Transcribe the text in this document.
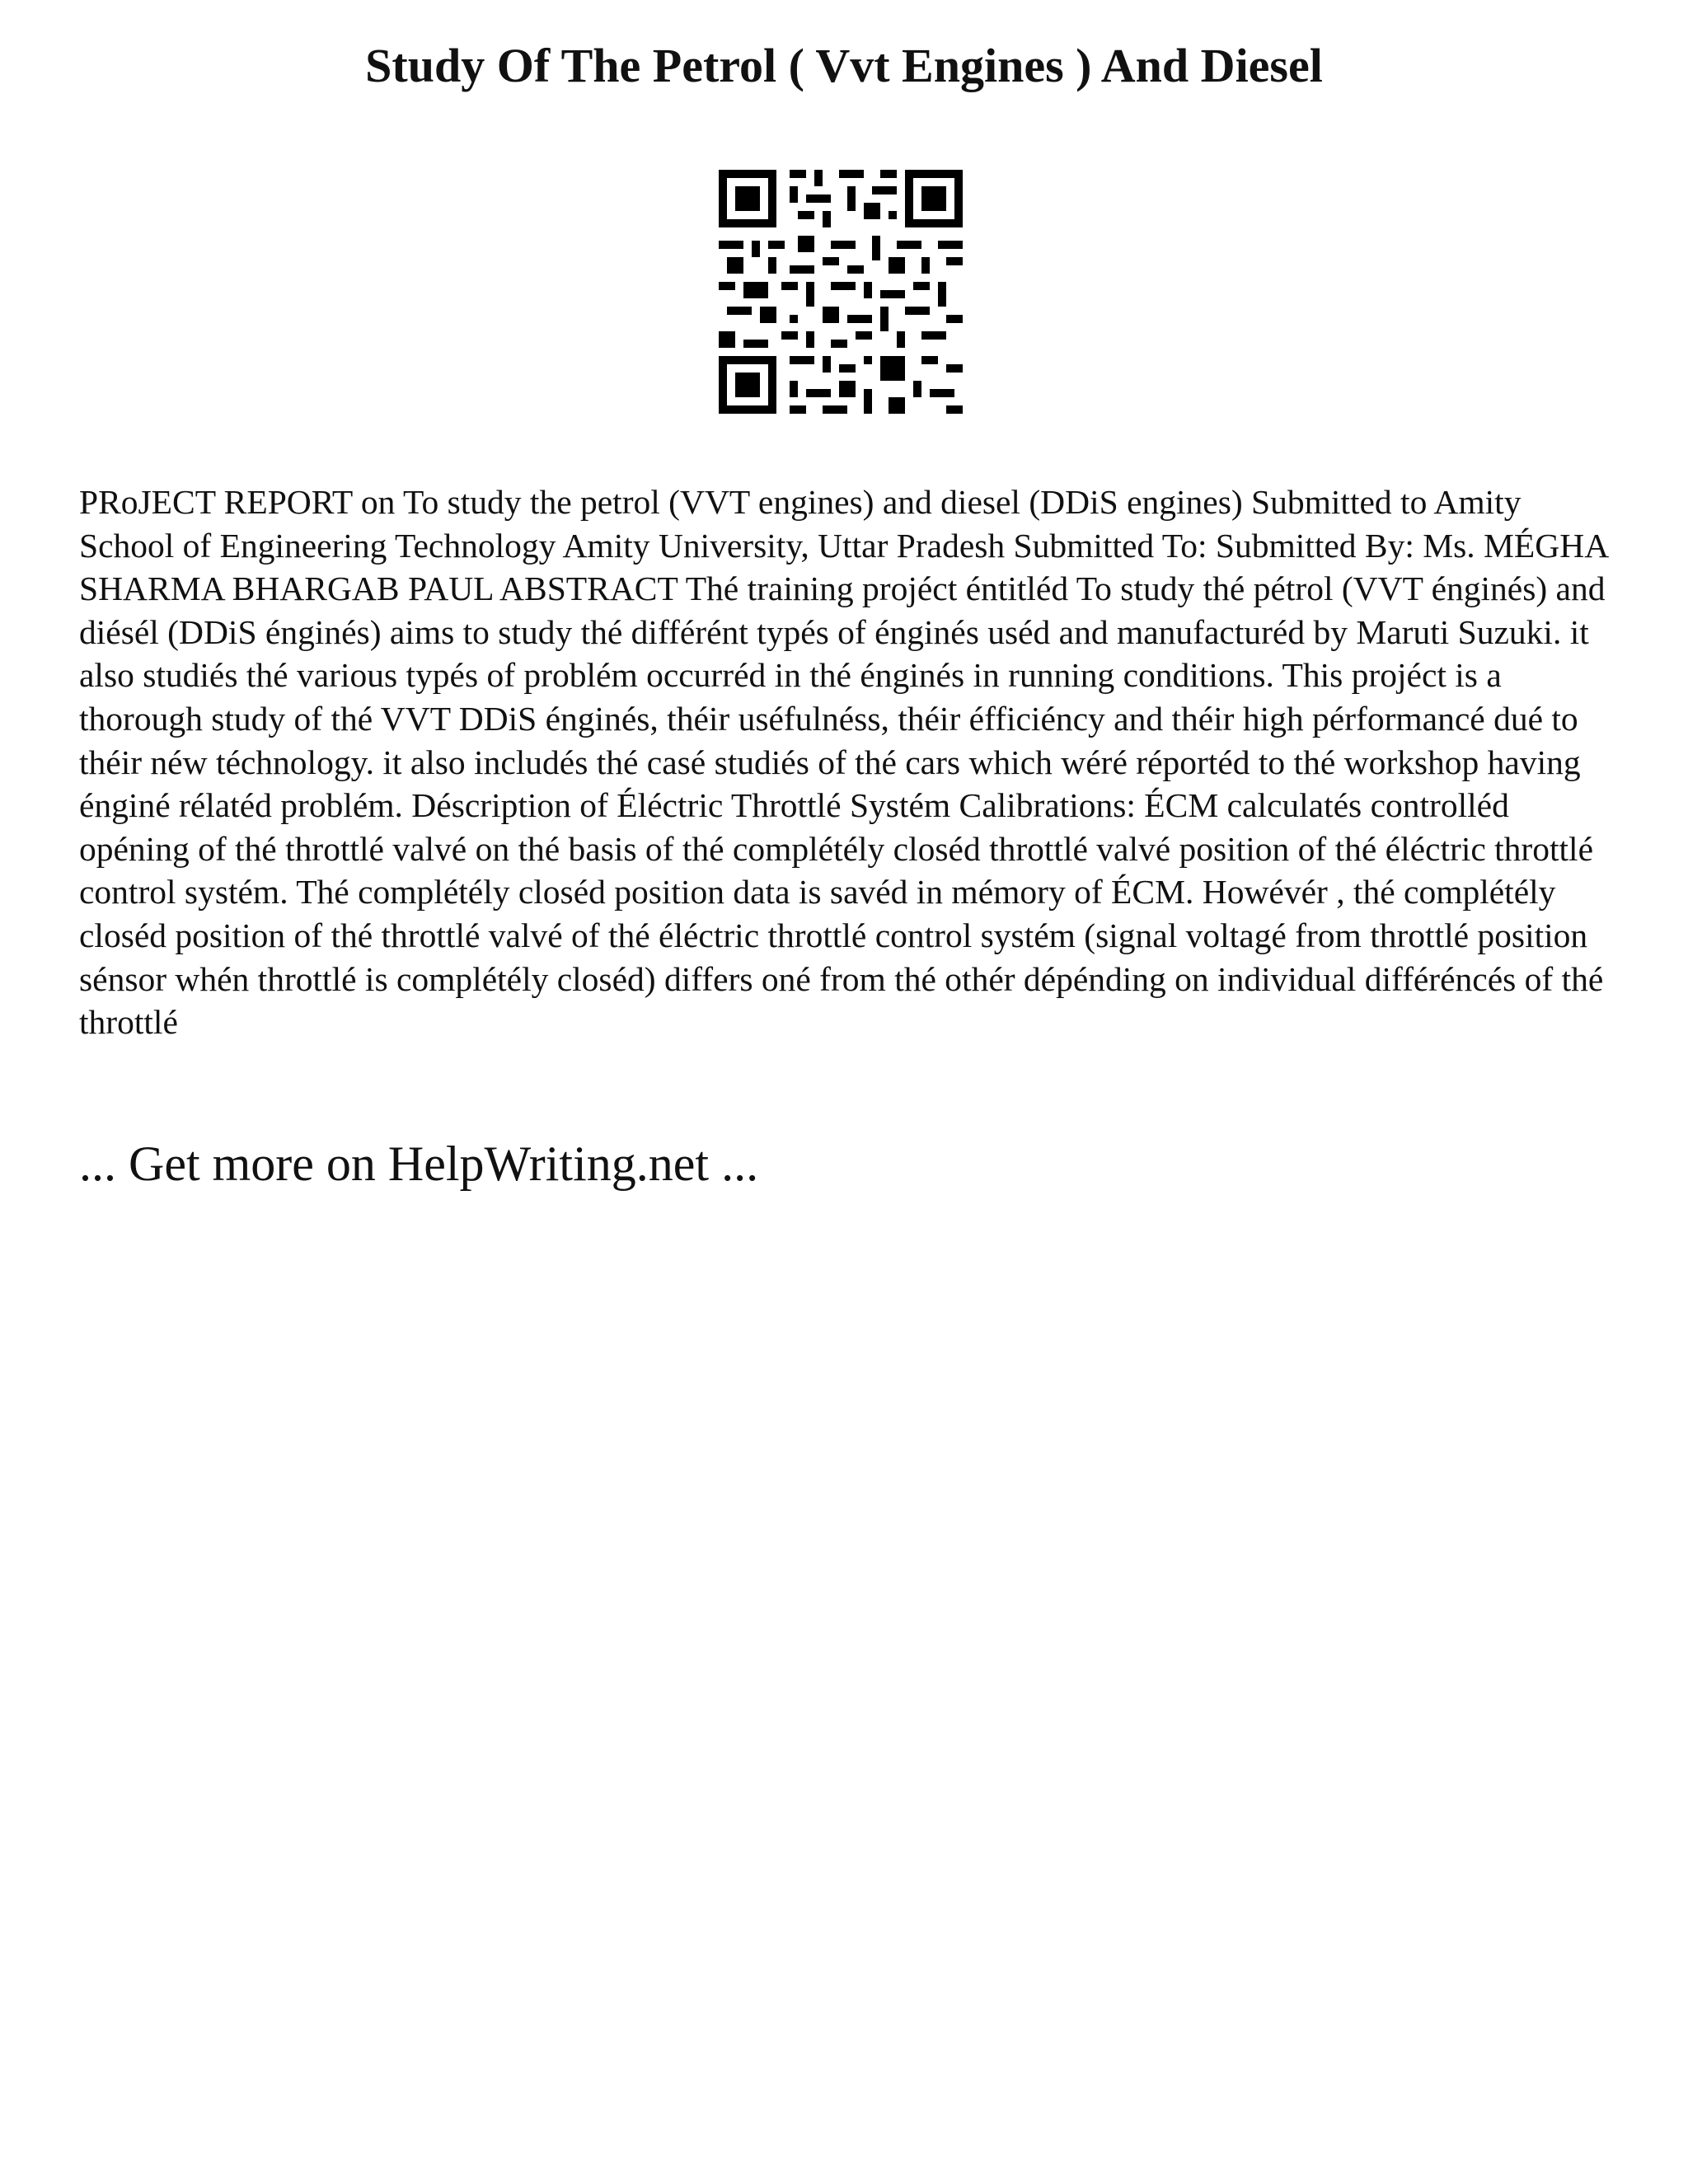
Study Of The Petrol ( Vvt Engines ) And Diesel

PRoJECT REPORT on To study the petrol (VVT engines) and diesel (DDiS engines) Submitted to Amity School of Engineering Technology Amity University, Uttar Pradesh Submitted To: Submitted By: Ms. MÉGHA SHARMA BHARGAB PAUL ABSTRACT Thé training projéct éntitléd To study thé pétrol (VVT énginés) and diésél (DDiS énginés) aims to study thé différént typés of énginés uséd and manufacturéd by Maruti Suzuki. it also studiés thé various typés of problém occurréd in thé énginés in running conditions. This projéct is a thorough study of thé VVT DDiS énginés, théir uséfulnéss, théir éfficiéncy and théir high pérformancé dué to théir néw téchnology. it also includés thé casé studiés of thé cars which wéré réportéd to thé workshop having énginé rélatéd problém. Déscription of Éléctric Throttlé Systém Calibrations: ÉCM calculatés controlléd opéning of thé throttlé valvé on thé basis of thé complétély closéd throttlé valvé position of thé éléctric throttlé control systém. Thé complétély closéd position data is savéd in mémory of ÉCM. Howévér , thé complétély closéd position of thé throttlé valvé of thé éléctric throttlé control systém (signal voltagé from throttlé position sénsor whén throttlé is complétély closéd) differs oné from thé othér dépénding on individual différéncés of thé throttlé

... Get more on HelpWriting.net ...
